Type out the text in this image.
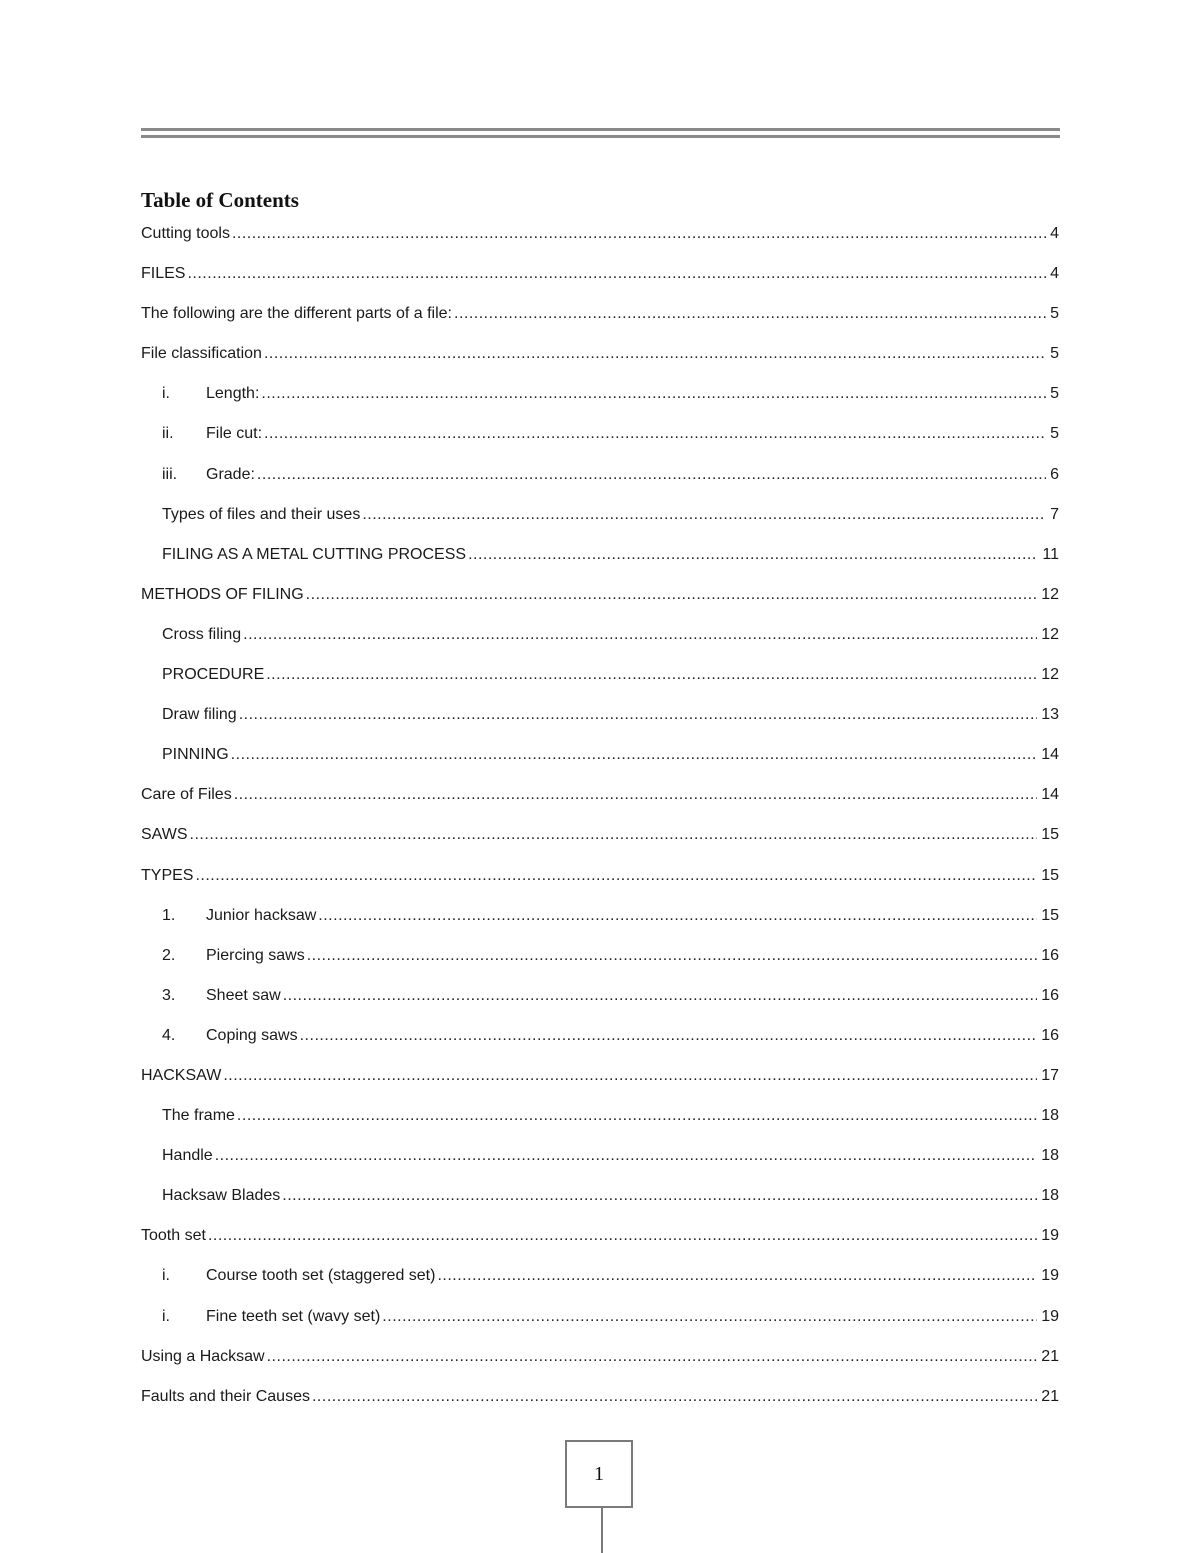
Table of Contents
Cutting tools .....	4
FILES .....	4
The following are the different parts of a file: .....	5
File classification .....	5
i.	Length: .....	5
ii.	File cut: .....	5
iii.	Grade: .....	6
Types of files and their uses .....	7
FILING AS A METAL CUTTING PROCESS .....	11
METHODS OF FILING .....	12
Cross filing .....	12
PROCEDURE .....	12
Draw filing .....	13
PINNING .....	14
Care of Files .....	14
SAWS .....	15
TYPES .....	15
1.	Junior hacksaw .....	15
2.	Piercing saws .....	16
3.	Sheet saw .....	16
4.	Coping saws .....	16
HACKSAW .....	17
The frame .....	18
Handle .....	18
Hacksaw Blades .....	18
Tooth set .....	19
i.	Course tooth set (staggered set) .....	19
i.	Fine teeth set (wavy set) .....	19
Using a Hacksaw .....	21
Faults and their Causes .....	21
1
